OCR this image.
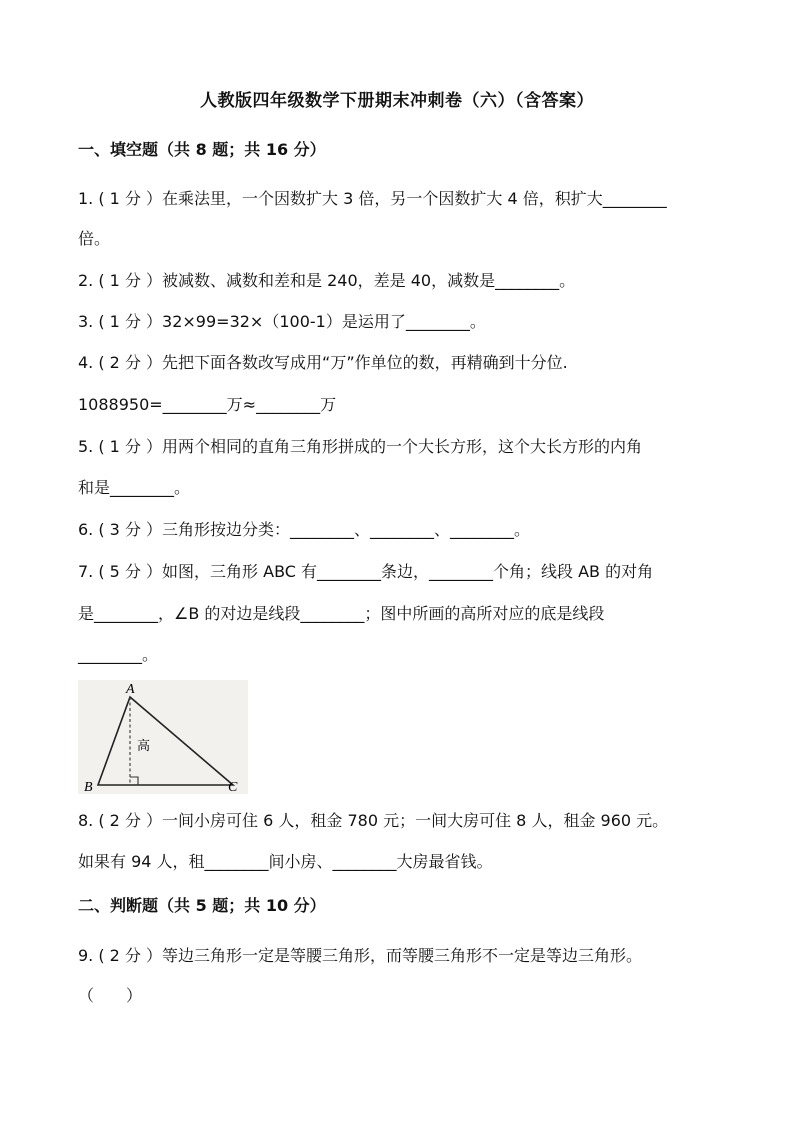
人教版四年级数学下册期末冲刺卷（六）（含答案）
一、填空题（共 8 题；共 16 分）
1. ( 1 分 ）在乘法里，一个因数扩大 3 倍，另一个因数扩大 4 倍，积扩大________
倍。
2. ( 1 分 ）被减数、减数和差和是 240，差是 40，减数是________。
3. ( 1 分 ）32×99=32×（100-1）是运用了________。
4. ( 2 分 ）先把下面各数改写成用“万”作单位的数，再精确到十分位.
1088950=________万≈________万
5. ( 1 分 ）用两个相同的直角三角形拼成的一个大长方形，这个大长方形的内角
和是________。
6. ( 3 分 ）三角形按边分类：________、________、________。
7. ( 5 分 ）如图，三角形 ABC 有________条边，________个角；线段 AB 的对角
是________，∠B 的对边是线段________；图中所画的高所对应的底是线段
________。
A
B	C
高
8. ( 2 分 ）一间小房可住 6 人，租金 780 元；一间大房可住 8 人，租金 960 元。
如果有 94 人，租________间小房、________大房最省钱。
二、判断题（共 5 题；共 10 分）
9. ( 2 分 ）等边三角形一定是等腰三角形，而等腰三角形不一定是等边三角形。
（　　）
